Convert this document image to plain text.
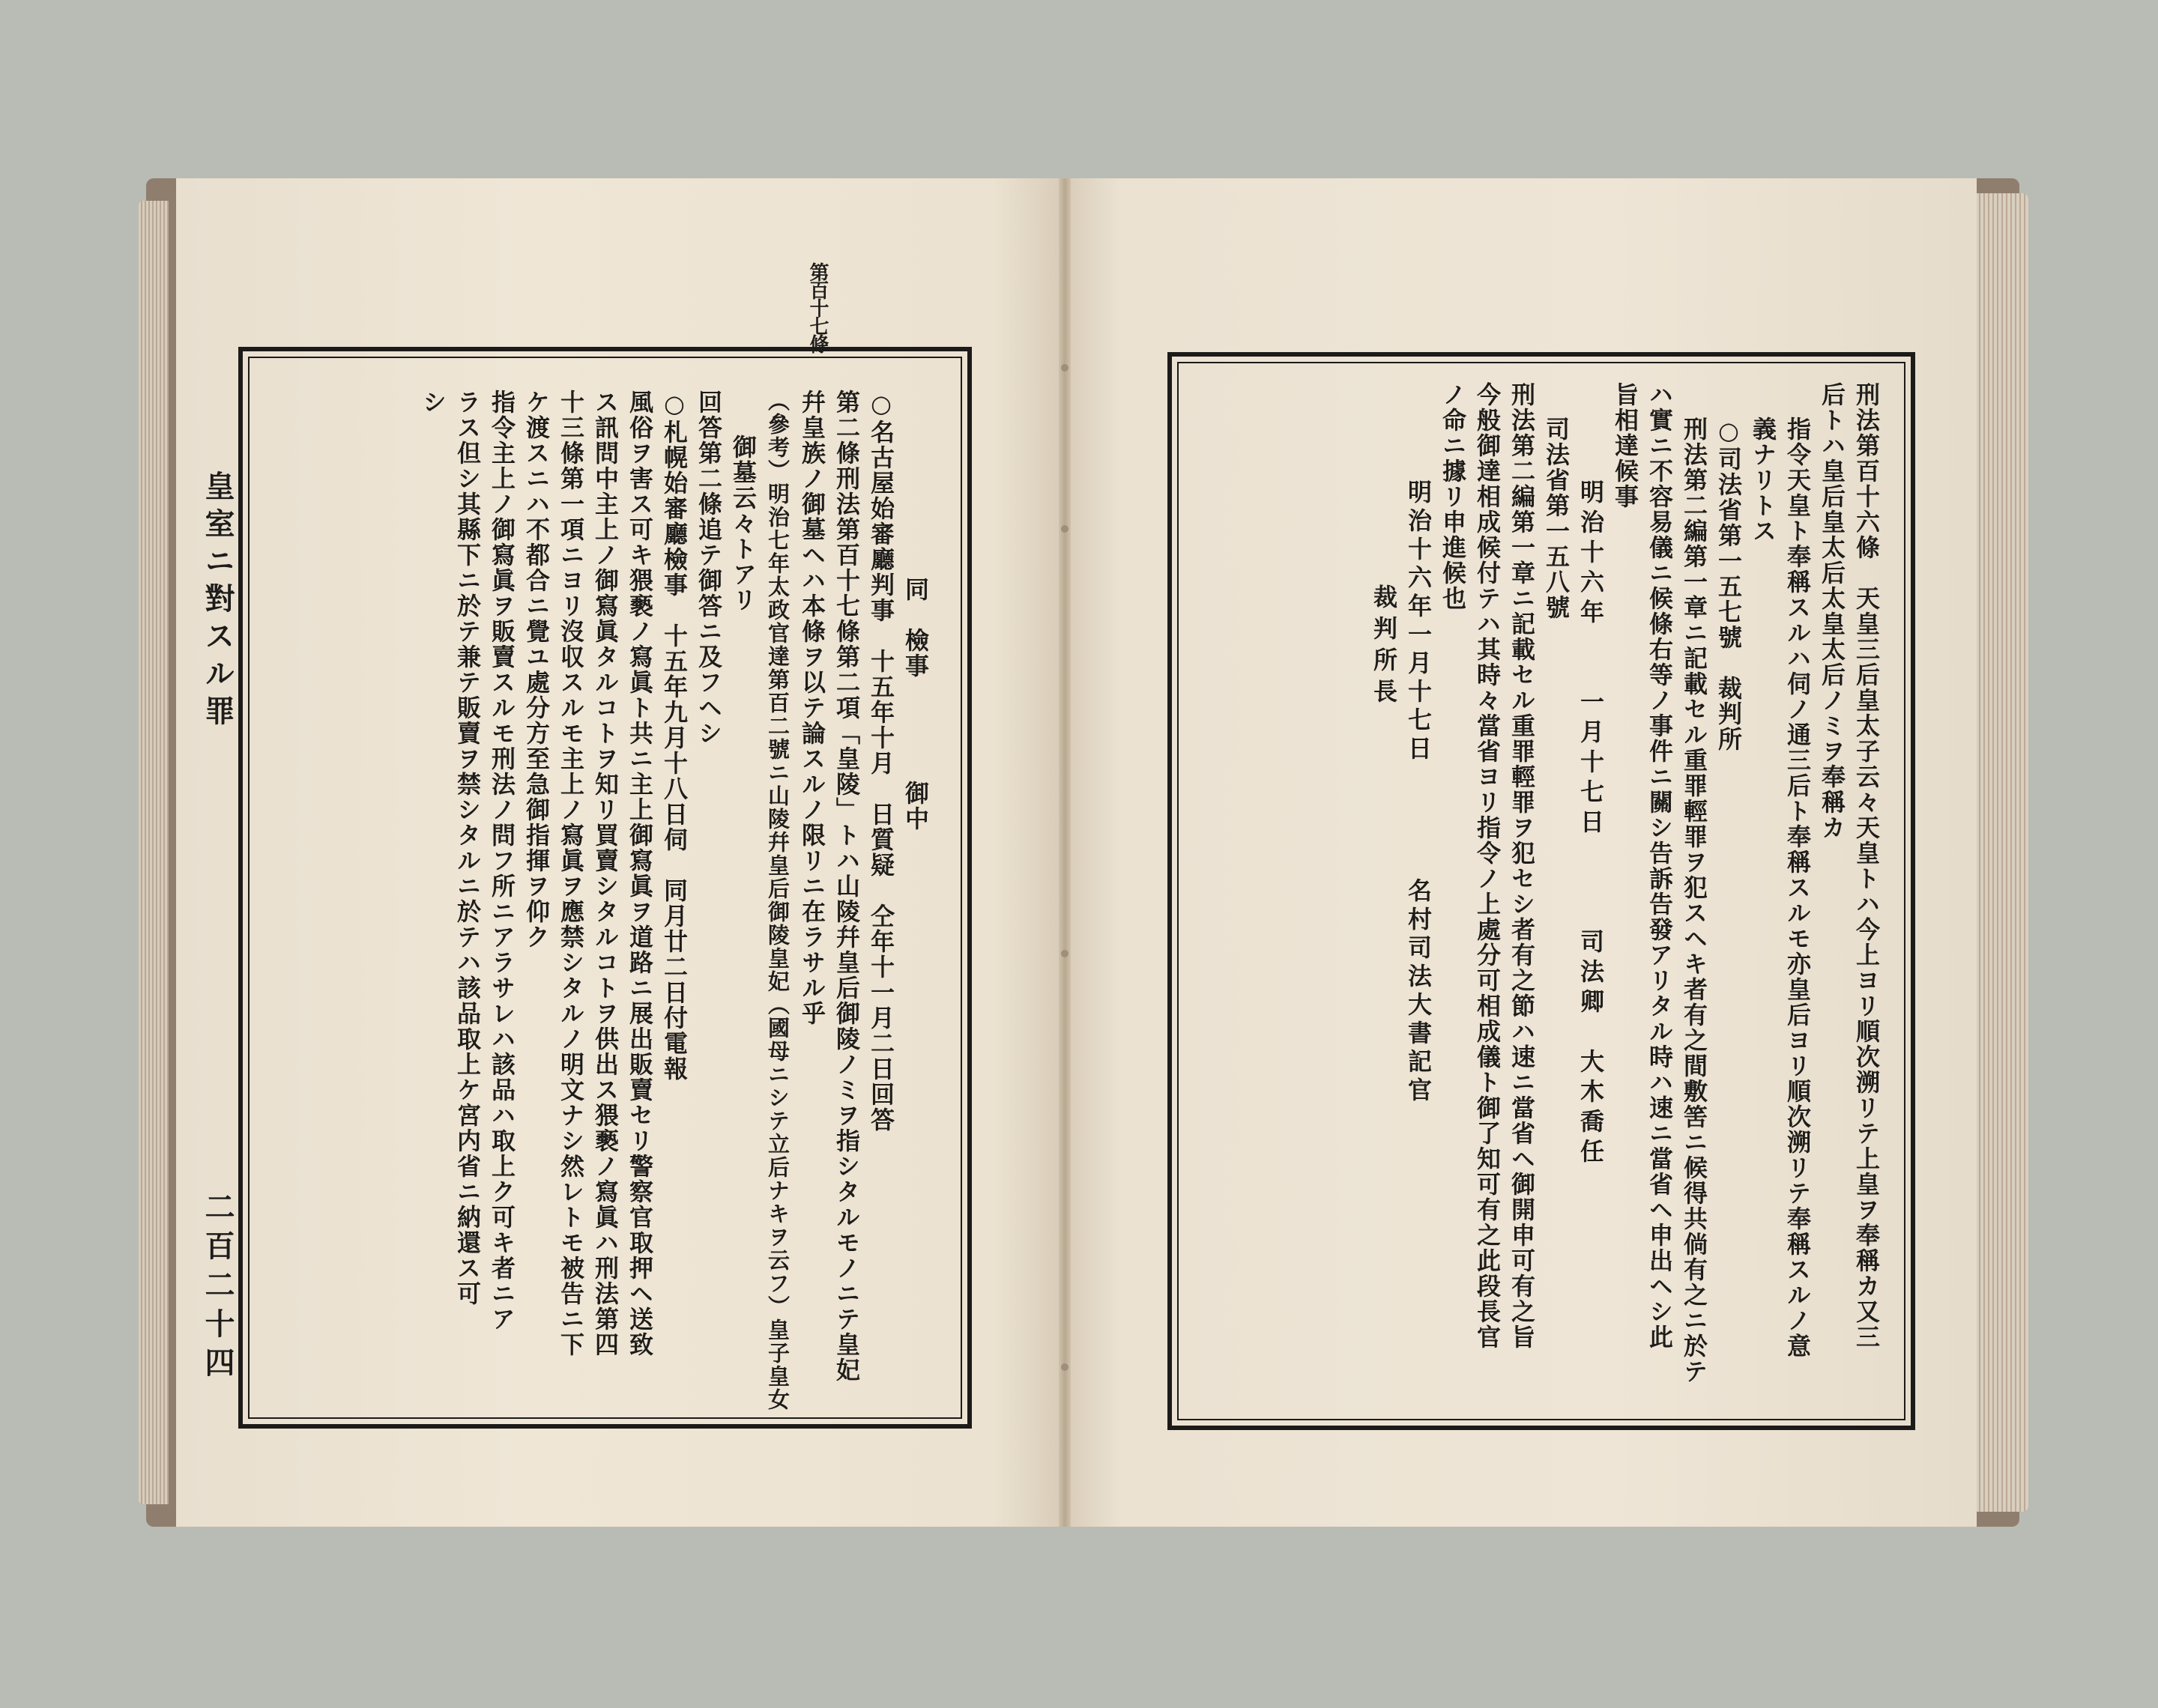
第百十七條
皇室ニ對スル罪
二百二十四
同　檢事　　　　御中
○名古屋始審廳判事　十五年十月　日質疑　仝年十一月二日回答
第二條刑法第百十七條第二項「皇陵」トハ山陵幷皇后御陵ノミヲ指シタルモノニテ皇妃
幷皇族ノ御墓ヘハ本條ヲ以テ論スルノ限リニ在ラサル乎
（參考）明治七年太政官達第百二號ニ山陵幷皇后御陵皇妃（國母ニシテ立后ナキヲ云フ）皇子皇女
御墓云々トアリ
回答第二條追テ御答ニ及フヘシ
○札幌始審廳檢事　十五年九月十八日伺　同月廿二日付電報
風俗ヲ害ス可キ猥褻ノ寫眞ト共ニ主上御寫眞ヲ道路ニ展出販賣セリ警察官取押ヘ送致
ス訊問中主上ノ御寫眞タルコトヲ知リ買賣シタルコトヲ供出ス猥褻ノ寫眞ハ刑法第四
十三條第一項ニヨリ沒収スルモ主上ノ寫眞ヲ應禁シタルノ明文ナシ然レトモ被告ニ下
ケ渡スニハ不都合ニ覺ユ處分方至急御指揮ヲ仰ク
指令主上ノ御寫眞ヲ販賣スルモ刑法ノ問フ所ニアラサレハ該品ハ取上ク可キ者ニア
ラス但シ其縣下ニ於テ兼テ販賣ヲ禁シタルニ於テハ該品取上ケ宮内省ニ納還ス可
シ	刑法第百十六條　天皇三后皇太子云々天皇トハ今上ヨリ順次溯リテ上皇ヲ奉稱カ又三
后トハ皇后皇太后太皇太后ノミヲ奉稱カ
指令天皇ト奉稱スルハ伺ノ通三后ト奉稱スルモ亦皇后ヨリ順次溯リテ奉稱スルノ意
義ナリトス
○司法省第一五七號　裁判所
刑法第二編第一章ニ記載セル重罪輕罪ヲ犯スヘキ者有之間敷筈ニ候得共倘有之ニ於テ
ハ實ニ不容易儀ニ候條右等ノ事件ニ關シ告訴告發アリタル時ハ速ニ當省ヘ申出ヘシ此
旨相達候事
明治十六年　　一月十七日　　　司法卿　大木喬任
司法省第一五八號
刑法第二編第一章ニ記載セル重罪輕罪ヲ犯セシ者有之節ハ速ニ當省ヘ御開申可有之旨
今般御達相成候付テハ其時々當省ヨリ指令ノ上處分可相成儀ト御了知可有之此段長官
ノ命ニ據リ申進候也
明治十六年一月十七日　　　　名村司法大書記官
裁判所長
